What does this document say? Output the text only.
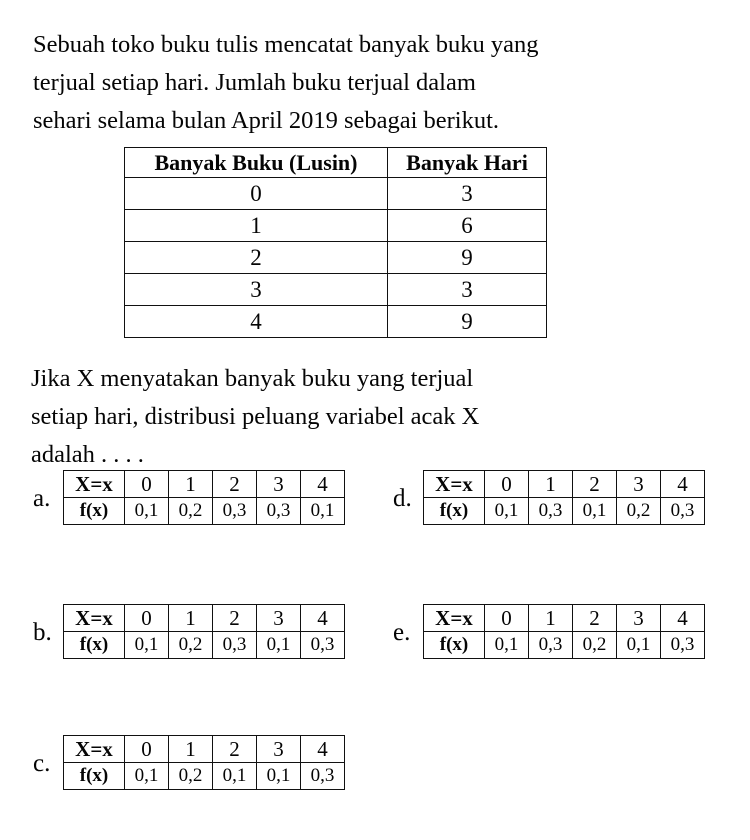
Sebuah toko buku tulis mencatat banyak buku yang
terjual setiap hari. Jumlah buku terjual dalam
sehari selama bulan April 2019 sebagai berikut.
Banyak Buku (Lusin)	Banyak Hari
0	3
1	6
2	9
3	3
4	9
Jika X menyatakan banyak buku yang terjual
setiap hari, distribusi peluang variabel acak X
adalah . . . .
a.
X=x	0	1	2	3	4
f(x)	0,1	0,2	0,3	0,3	0,1 d.
X=x	0	1	2	3	4
f(x)	0,1	0,3	0,1	0,2	0,3
b.
X=x	0	1	2	3	4
f(x)	0,1	0,2	0,3	0,1	0,3 e.
X=x	0	1	2	3	4
f(x)	0,1	0,3	0,2	0,1	0,3
c.
X=x	0	1	2	3	4
f(x)	0,1	0,2	0,1	0,1	0,3
